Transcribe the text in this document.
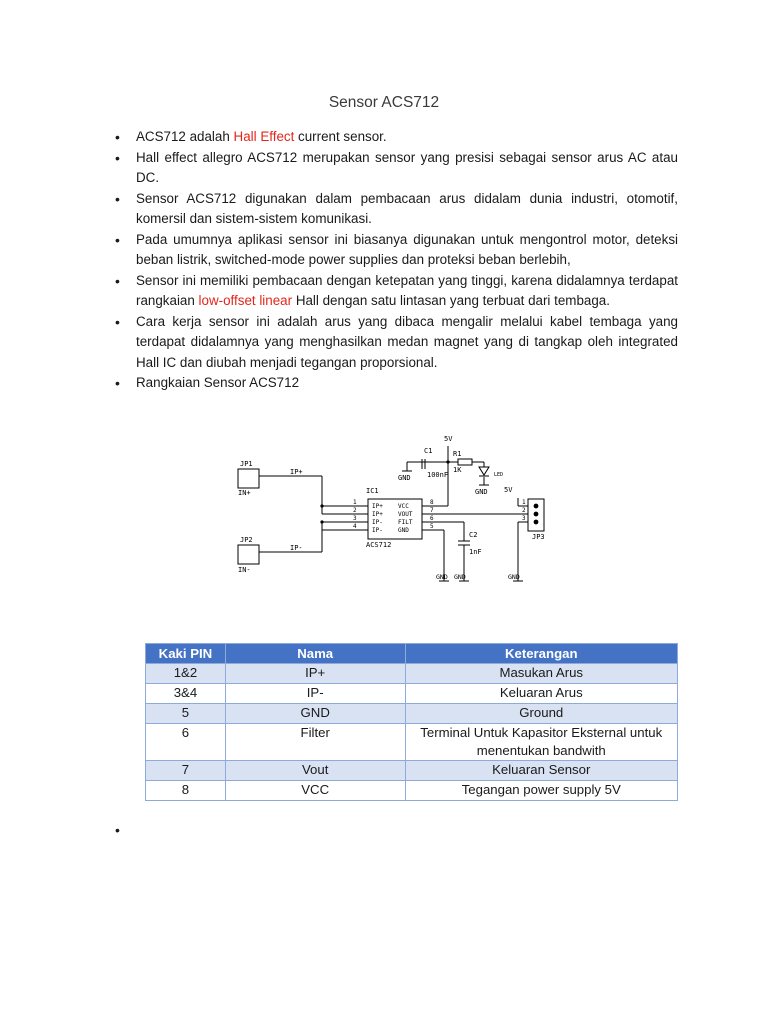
Sensor ACS712
• ACS712 adalah Hall Effect current sensor.
• Hall effect allegro ACS712 merupakan sensor yang presisi sebagai sensor arus AC atau DC.
• Sensor ACS712 digunakan dalam pembacaan arus didalam dunia industri, otomotif, komersil dan sistem-sistem komunikasi.
• Pada umumnya aplikasi sensor ini biasanya digunakan untuk mengontrol motor, deteksi beban listrik, switched-mode power supplies dan proteksi beban berlebih,
• Sensor ini memiliki pembacaan dengan ketepatan yang tinggi, karena didalamnya terdapat rangkaian low-offset linear Hall dengan satu lintasan yang terbuat dari tembaga.
• Cara kerja sensor ini adalah arus yang dibaca mengalir melalui kabel tembaga yang terdapat didalamnya yang menghasilkan medan magnet yang di tangkap oleh integrated Hall IC dan diubah menjadi tegangan proporsional.
• Rangkaian Sensor ACS712
JP1
IP+
IN+
JP2
IP-
IN-
IC1
ACS712
IP+
IP+
IP-
IP-
VCC
VOUT
FILT
GND
1
2
3
4
8
7
6
5
C1
100nF
5V
R1
1K
LED
GND
GND
C2
1nF
5V
1
2
3
JP3
GND GND	GND
Kaki PIN	Nama	Keterangan
1&2	IP+	Masukan Arus
3&4	IP-	Keluaran Arus
5	GND	Ground
6	Filter	Terminal Untuk Kapasitor Eksternal untuk menentukan bandwith
7	Vout	Keluaran Sensor
8	VCC	Tegangan power supply 5V
•
